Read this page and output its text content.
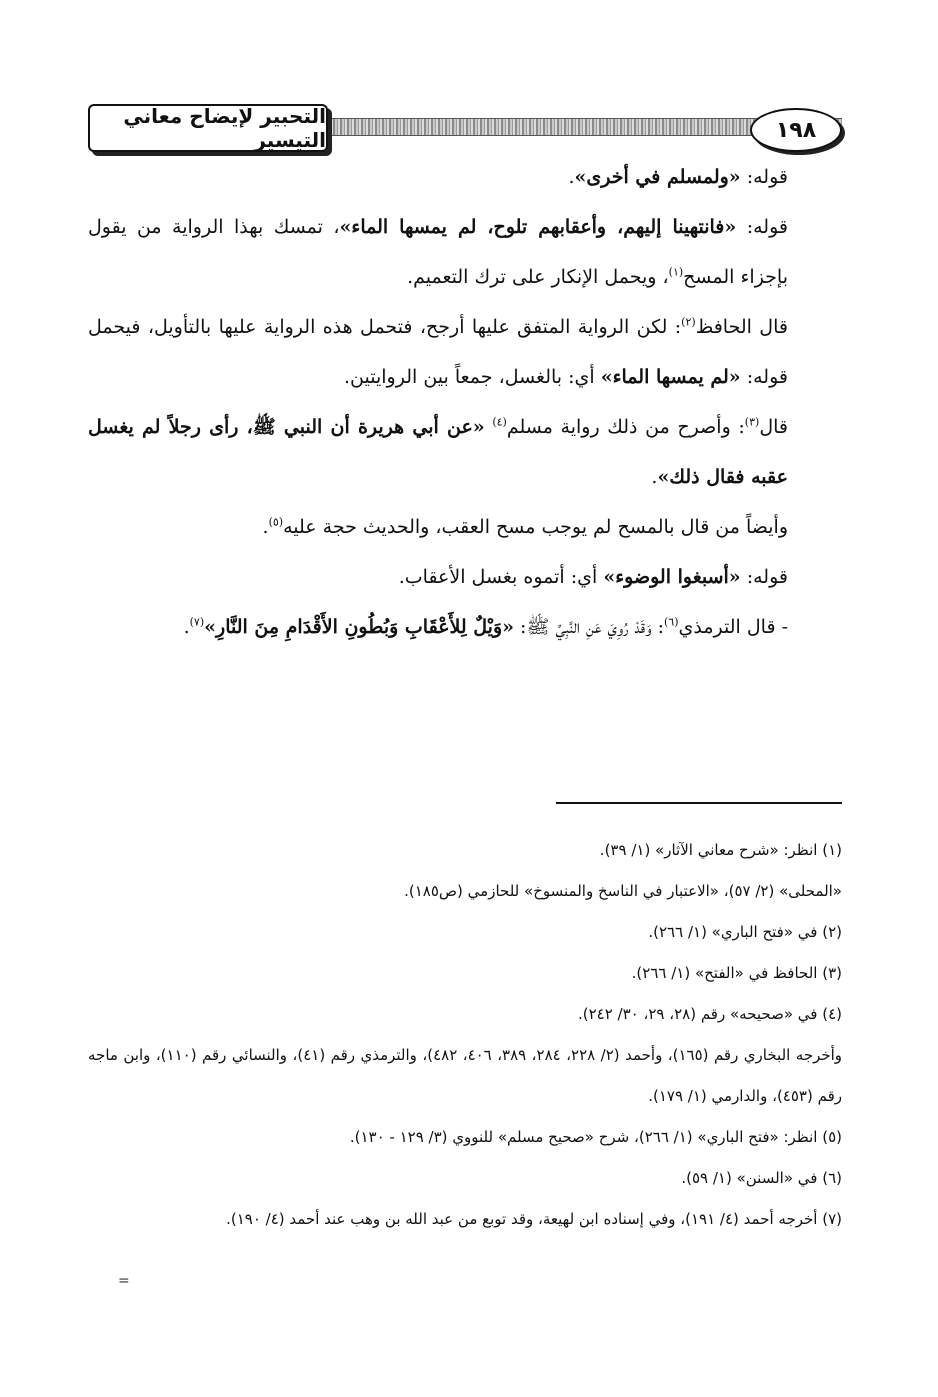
التحبير لإيضاح معاني التيسير	١٩٨

قوله: «ولمسلم في أخرى».

قوله: «فانتهينا إليهم، وأعقابهم تلوح، لم يمسها الماء»، تمسك بهذا الرواية من يقول بإجزاء المسح$^{(١)}$، ويحمل الإنكار على ترك التعميم.

قال الحافظ$^{(٢)}$: لكن الرواية المتفق عليها أرجح، فتحمل هذه الرواية عليها بالتأويل، فيحمل قوله: «لم يمسها الماء» أي: بالغسل، جمعاً بين الروايتين.

قال$^{(٣)}$: وأصرح من ذلك رواية مسلم$^{(٤)}$ «عن أبي هريرة أن النبي ﷺ، رأى رجلاً لم يغسل عقبه فقال ذلك».

وأيضاً من قال بالمسح لم يوجب مسح العقب، والحديث حجة عليه$^{(٥)}$.

قوله: «أسبغوا الوضوء» أي: أتموه بغسل الأعقاب.

- قال الترمذي$^{(٦)}$: وَقَدْ رُوِيَ عَنِ النَّبِيِّ ﷺ: «وَيْلٌ لِلأَعْقَابِ وَبُطُونِ الأَقْدَامِ مِنَ النَّارِ»$^{(٧)}$.

(١) انظر: «شرح معاني الآثار» (١/ ٣٩).

«المحلى» (٢/ ٥٧)، «الاعتبار في الناسخ والمنسوخ» للحازمي (ص١٨٥).

(٢) في «فتح الباري» (١/ ٢٦٦).

(٣) الحافظ في «الفتح» (١/ ٢٦٦).

(٤) في «صحيحه» رقم (٢٨، ٢٩، ٣٠/ ٢٤٢).

وأخرجه البخاري رقم (١٦٥)، وأحمد (٢/ ٢٢٨، ٢٨٤، ٣٨٩، ٤٠٦، ٤٨٢)، والترمذي رقم (٤١)، والنسائي رقم (١١٠)، وابن ماجه رقم (٤٥٣)، والدارمي (١/ ١٧٩).

(٥) انظر: «فتح الباري» (١/ ٢٦٦)، شرح «صحيح مسلم» للنووي (٣/ ١٢٩ - ١٣٠).

(٦) في «السنن» (١/ ٥٩).

(٧) أخرجه أحمد (٤/ ١٩١)، وفي إسناده ابن لهيعة، وقد توبع من عبد الله بن وهب عند أحمد (٤/ ١٩٠).

=
